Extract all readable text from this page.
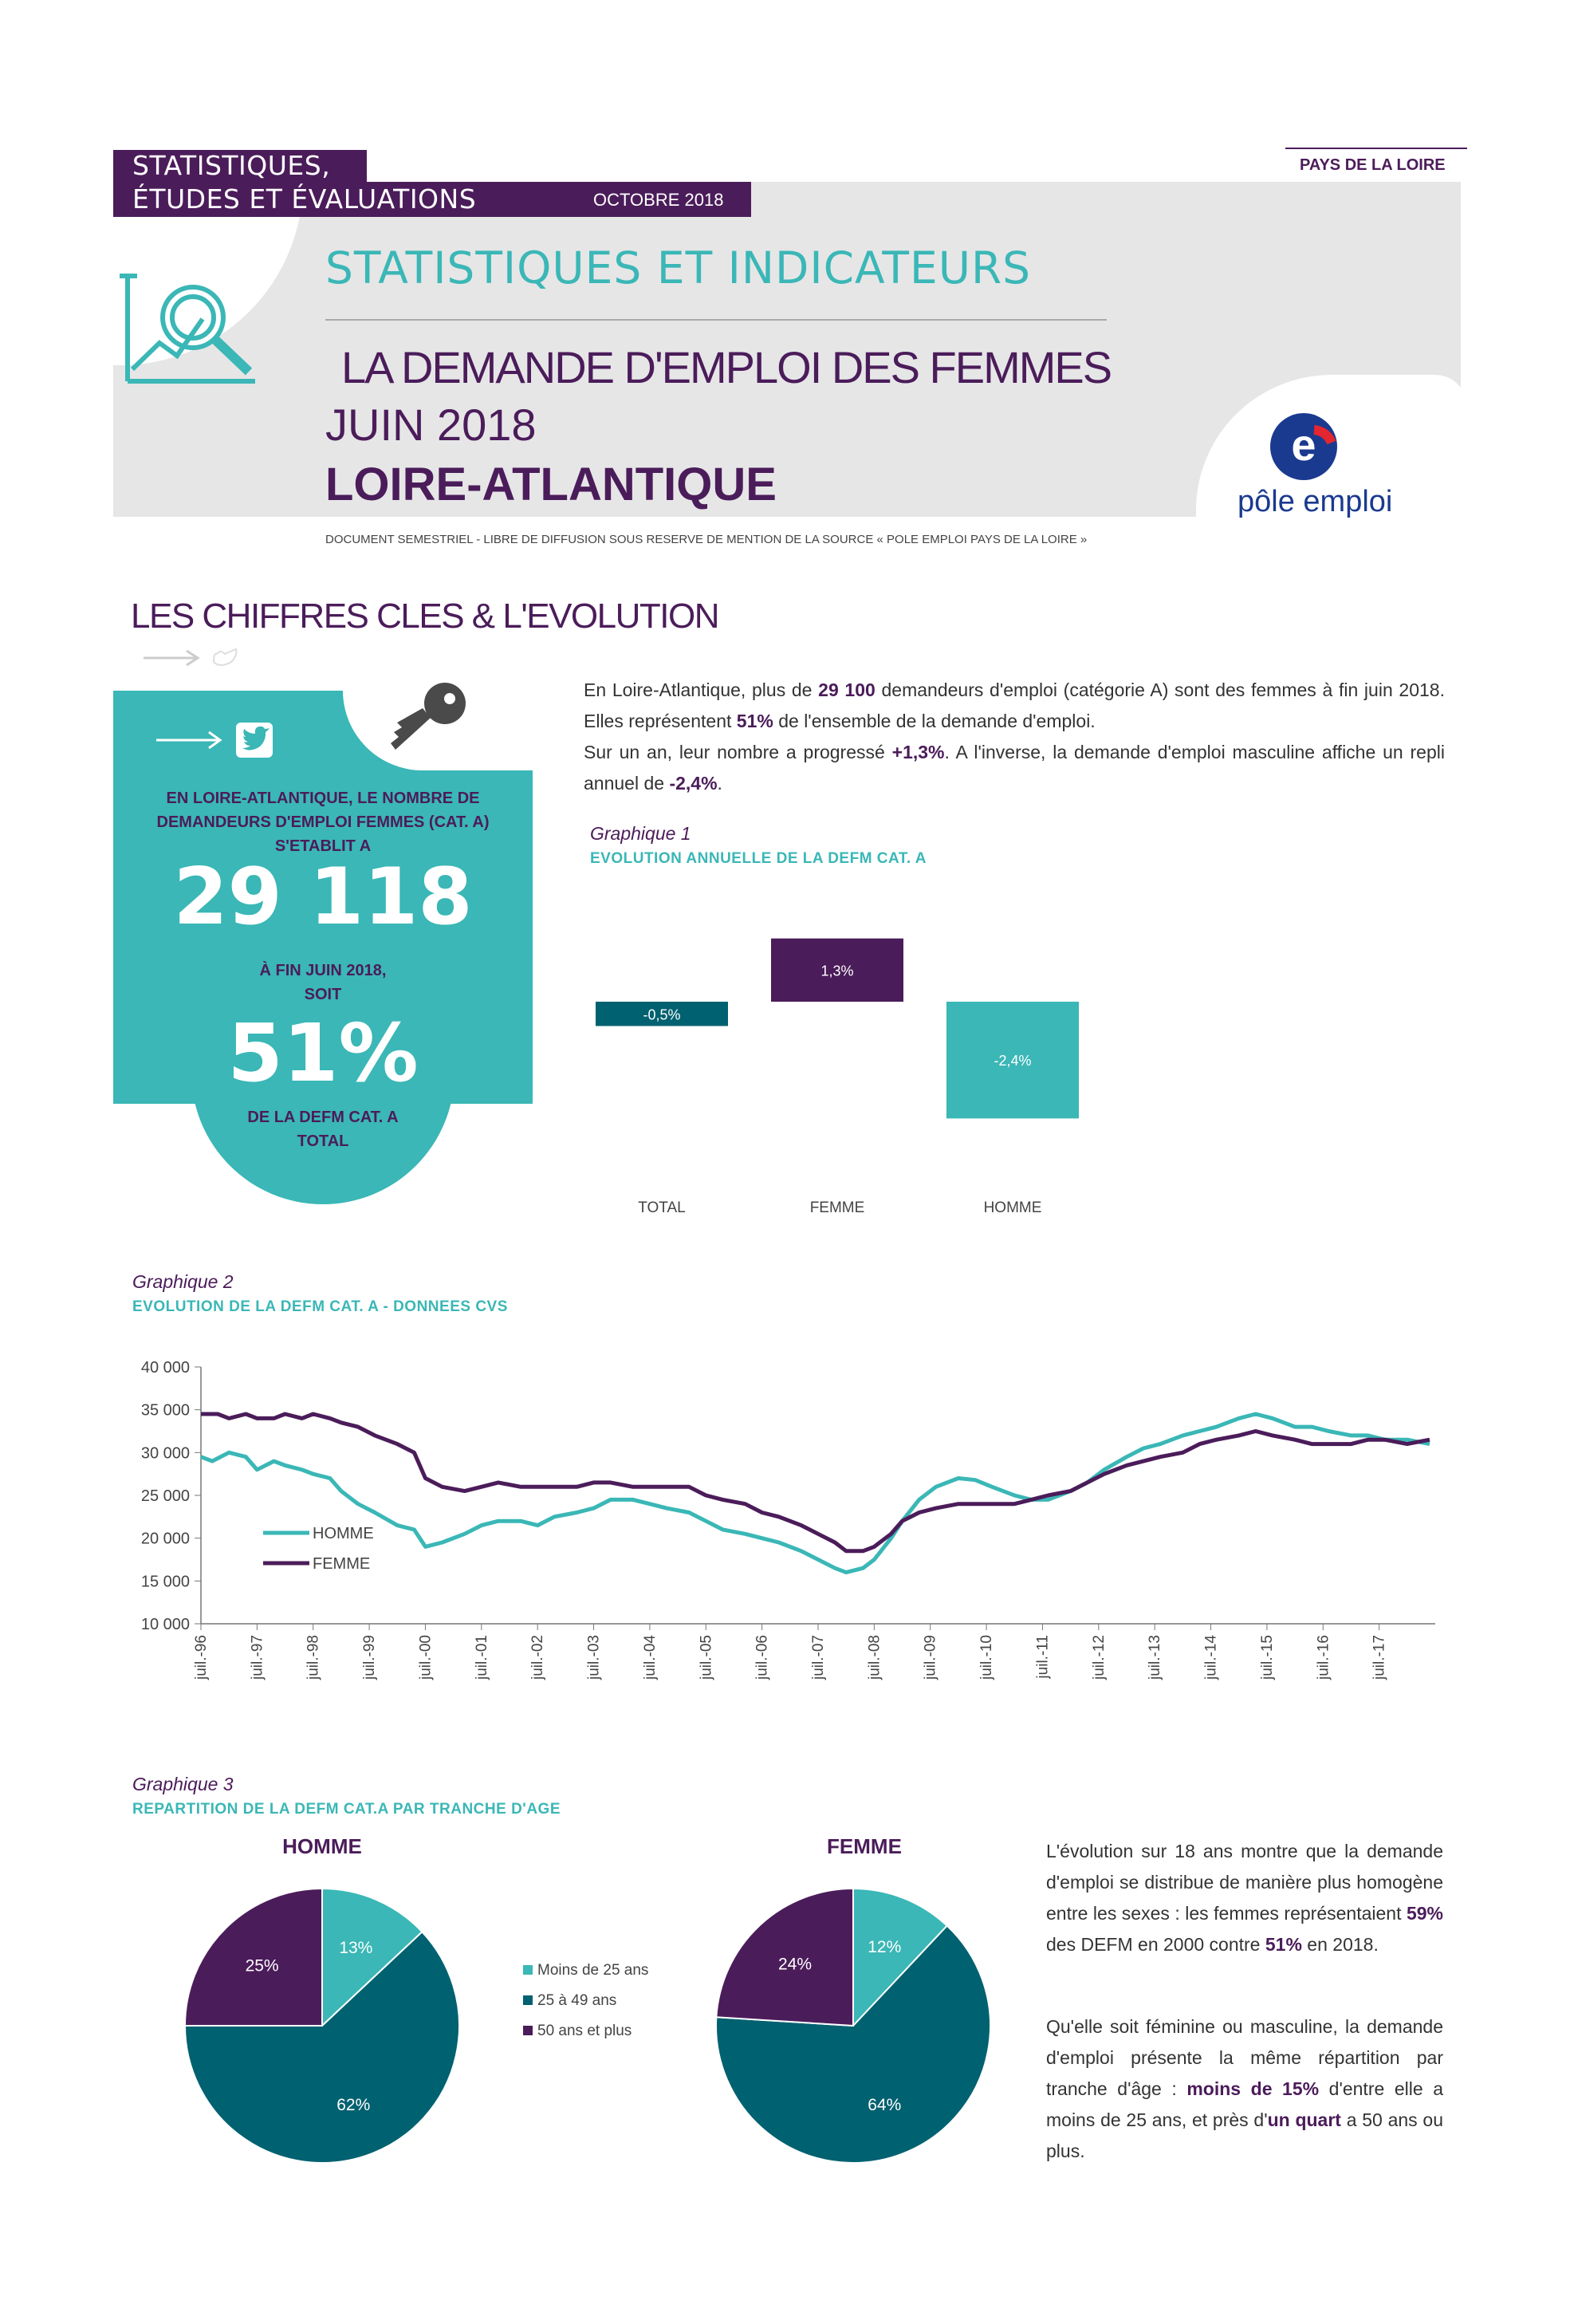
STATISTIQUES,
ÉTUDES ET ÉVALUATIONS	OCTOBRE 2018
PAYS DE LA LOIRE
STATISTIQUES ET INDICATEURS
LA DEMANDE D'EMPLOI DES FEMMES
JUIN 2018
LOIRE-ATLANTIQUE
e
pôle emploi
DOCUMENT SEMESTRIEL - LIBRE DE DIFFUSION SOUS RESERVE DE MENTION DE LA SOURCE « POLE EMPLOI PAYS DE LA LOIRE »
LES CHIFFRES CLES & L'EVOLUTION
EN LOIRE-ATLANTIQUE, LE NOMBRE DE DEMANDEURS D'EMPLOI FEMMES (CAT. A) S'ETABLIT A
29 118
À FIN JUIN 2018, SOIT
51%
DE LA DEFM CAT. A TOTAL
En Loire-Atlantique, plus de 29 100 demandeurs d'emploi (catégorie A) sont des femmes à fin juin 2018. Elles représentent 51% de l'ensemble de la demande d'emploi.
Sur un an, leur nombre a progressé +1,3%. A l'inverse, la demande d'emploi masculine affiche un repli annuel de -2,4%.
Graphique 1
EVOLUTION ANNUELLE DE LA DEFM CAT. A
-0,5%
TOTAL
1,3%
FEMME
-2,4%
HOMME
Graphique 2
EVOLUTION DE LA DEFM CAT. A - DONNEES CVS
10 000
15 000
20 000
25 000
30 000
35 000
40 000
juil.-96	juil.-97	juil.-98	juil.-99	juil.-00	juil.-01	juil.-02	juil.-03	juil.-04	juil.-05	juil.-06	juil.-07	juil.-08	juil.-09	juil.-10	juil.-11	juil.-12	juil.-13	juil.-14	juil.-15	juil.-16	juil.-17
HOMME
FEMME
Graphique 3
REPARTITION DE LA DEFM CAT.A PAR TRANCHE D'AGE
HOMME
13%
62%
25%
FEMME
12%
64%
24%
Moins de 25 ans
25 à 49 ans
50 ans et plus
L'évolution sur 18 ans montre que la demande d'emploi se distribue de manière plus homogène entre les sexes : les femmes représentaient 59% des DEFM en 2000 contre 51% en 2018.
Qu'elle soit féminine ou masculine, la demande d'emploi présente la même répartition par tranche d'âge : moins de 15% d'entre elle a moins de 25 ans, et près d'un quart a 50 ans ou plus.
